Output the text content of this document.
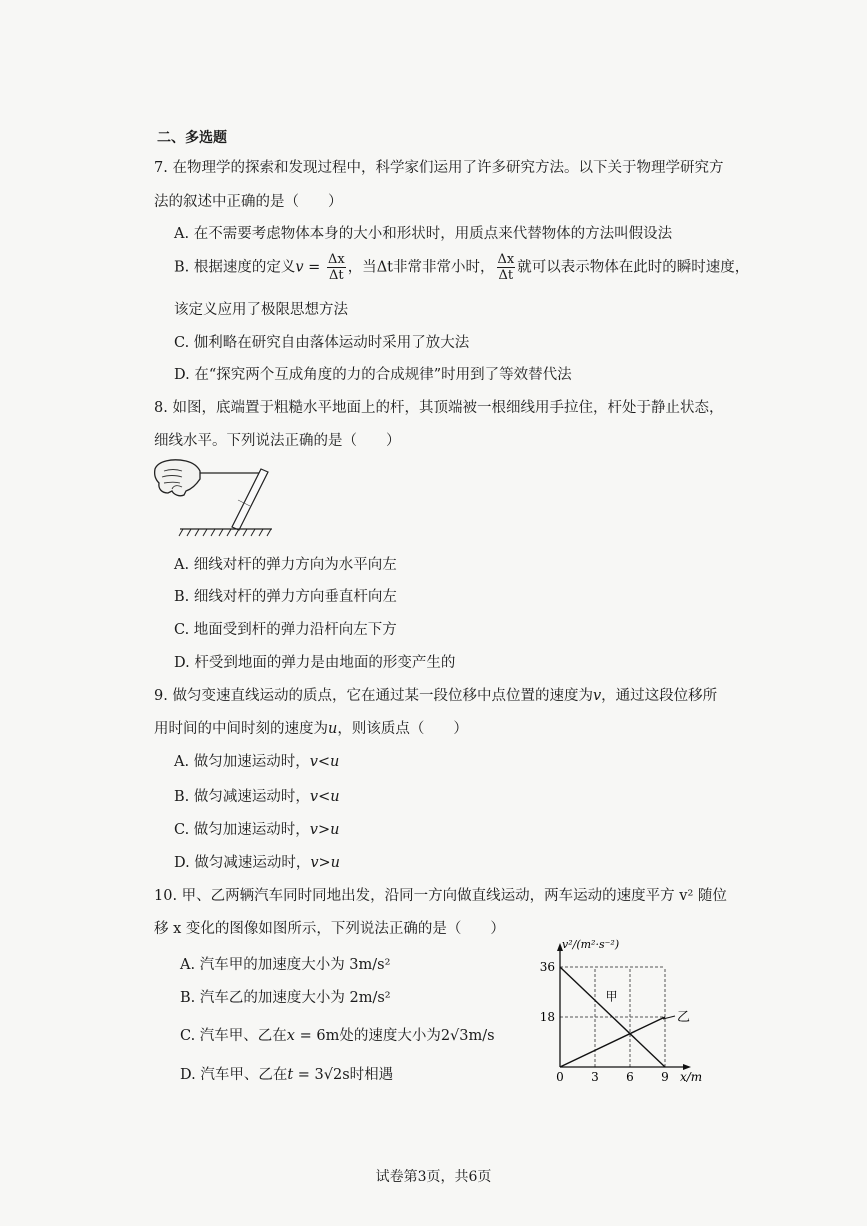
二、多选题
7. 在物理学的探索和发现过程中，科学家们运用了许多研究方法。以下关于物理学研究方
法的叙述中正确的是（　　）
A. 在不需要考虑物体本身的大小和形状时，用质点来代替物体的方法叫假设法
B. 根据速度的定义$v = \frac{\Delta x}{\Delta t}$ ，当Δt非常非常小时， $\frac{\Delta x}{\Delta t}$ 就可以表示物体在此时的瞬时速度，
该定义应用了极限思想方法
C. 伽利略在研究自由落体运动时采用了放大法
D. 在“探究两个互成角度的力的合成规律”时用到了等效替代法
8. 如图，底端置于粗糙水平地面上的杆，其顶端被一根细线用手拉住，杆处于静止状态，
细线水平。下列说法正确的是（　　）
A. 细线对杆的弹力方向为水平向左
B. 细线对杆的弹力方向垂直杆向左
C. 地面受到杆的弹力沿杆向左下方
D. 杆受到地面的弹力是由地面的形变产生的
9. 做匀变速直线运动的质点，它在通过某一段位移中点位置的速度为v，通过这段位移所
用时间的中间时刻的速度为u，则该质点（　　）
A. 做匀加速运动时，v<u
B. 做匀减速运动时，v<u
C. 做匀加速运动时，v>u
D. 做匀减速运动时，v>u
10. 甲、乙两辆汽车同时同地出发，沿同一方向做直线运动，两车运动的速度平方 v² 随位
移 x 变化的图像如图所示，下列说法正确的是（　　）
A. 汽车甲的加速度大小为 3m/s²
B. 汽车乙的加速度大小为 2m/s²
C. 汽车甲、乙在x = 6m处的速度大小为2√3m/s
D. 汽车甲、乙在t = 3√2s时相遇
v²/(m²·s⁻²)
x/m
0 3 6 9
18
36
甲
乙
试卷第3页，共6页
